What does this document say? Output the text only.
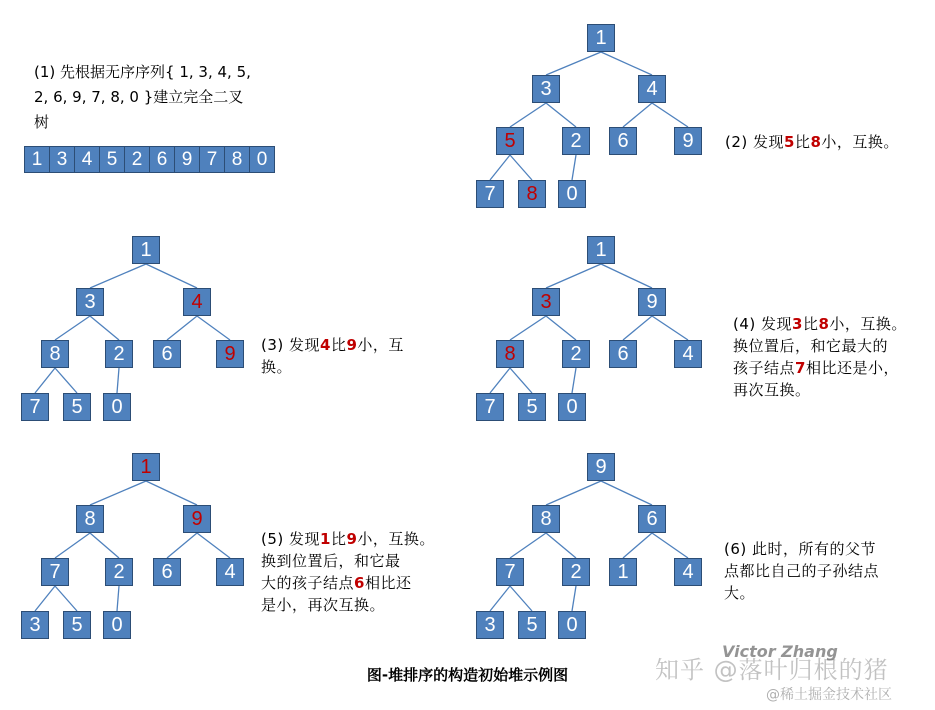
(1) 先根据无序序列{ 1, 3, 4, 5,
2, 6, 9, 7, 8, 0 }建立完全二叉
树
1 3 4 5 2 6 9 7 8 0
1
3	4
5	2	6	9
7	8	0
(2) 发现5比8小，互换。
1
3	4
8	2	6	9
7	5	0
(3) 发现4比9小，互
换。
1
3	9
8	2	6	4
7	5	0
(4) 发现3比8小，互换。
换位置后，和它最大的
孩子结点7相比还是小，
再次互换。
1
8	9
7	2	6	4
3	5	0
(5) 发现1比9小，互换。
换到位置后，和它最
大的孩子结点6相比还
是小，再次互换。
9
8	6
7	2	1	4
3	5	0
(6) 此时，所有的父节
点都比自己的子孙结点
大。
图-堆排序的构造初始堆示例图	知乎 @落叶归根的猪
Victor Zhang
@稀土掘金技术社区
